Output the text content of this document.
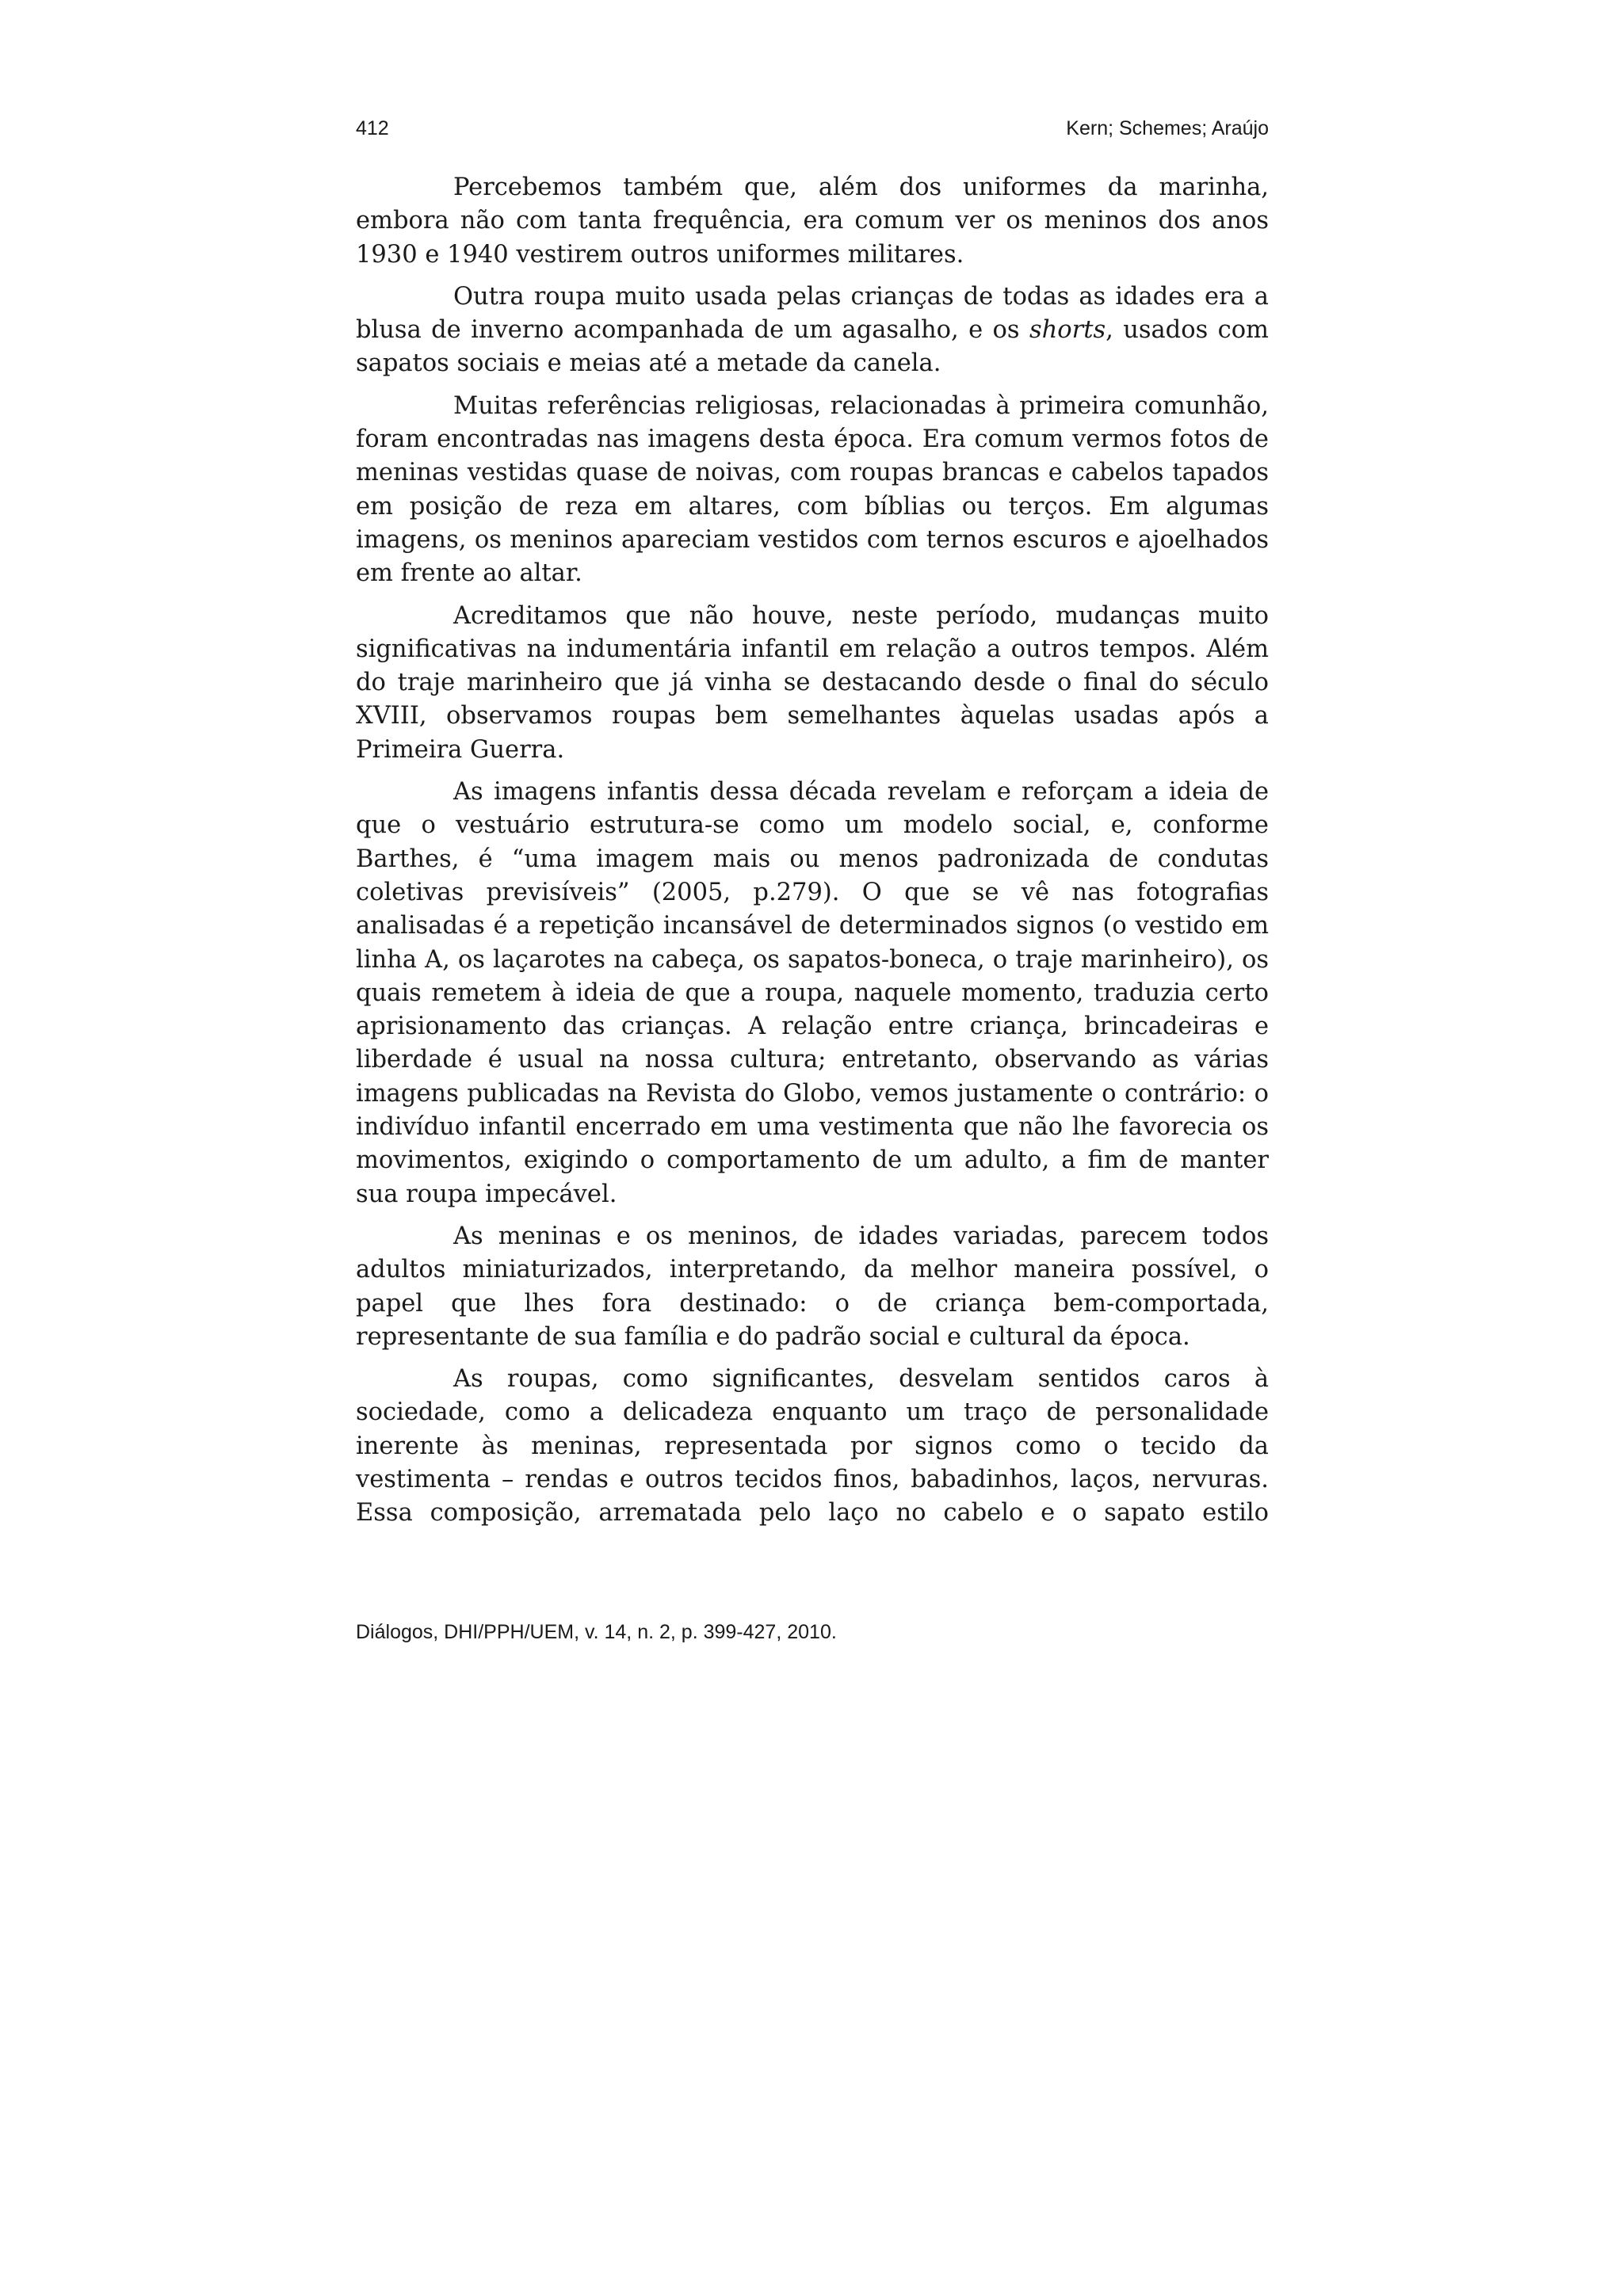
412	Kern; Schemes; Araújo

Percebemos também que, além dos uniformes da marinha, embora não com tanta frequência, era comum ver os meninos dos anos 1930 e 1940 vestirem outros uniformes militares.

Outra roupa muito usada pelas crianças de todas as idades era a blusa de inverno acompanhada de um agasalho, e os shorts, usados com sapatos sociais e meias até a metade da canela.

Muitas referências religiosas, relacionadas à primeira comunhão, foram encontradas nas imagens desta época. Era comum vermos fotos de meninas vestidas quase de noivas, com roupas brancas e cabelos tapados em posição de reza em altares, com bíblias ou terços. Em algumas imagens, os meninos apareciam vestidos com ternos escuros e ajoelhados em frente ao altar.

Acreditamos que não houve, neste período, mudanças muito significativas na indumentária infantil em relação a outros tempos. Além do traje marinheiro que já vinha se destacando desde o final do século XVIII, observamos roupas bem semelhantes àquelas usadas após a Primeira Guerra.

As imagens infantis dessa década revelam e reforçam a ideia de que o vestuário estrutura-se como um modelo social, e, conforme Barthes, é “uma imagem mais ou menos padronizada de condutas coletivas previsíveis” (2005, p.279). O que se vê nas fotografias analisadas é a repetição incansável de determinados signos (o vestido em linha A, os laçarotes na cabeça, os sapatos-boneca, o traje marinheiro), os quais remetem à ideia de que a roupa, naquele momento, traduzia certo aprisionamento das crianças. A relação entre criança, brincadeiras e liberdade é usual na nossa cultura; entretanto, observando as várias imagens publicadas na Revista do Globo, vemos justamente o contrário: o indivíduo infantil encerrado em uma vestimenta que não lhe favorecia os movimentos, exigindo o comportamento de um adulto, a fim de manter sua roupa impecável.

As meninas e os meninos, de idades variadas, parecem todos adultos miniaturizados, interpretando, da melhor maneira possível, o papel que lhes fora destinado: o de criança bem-comportada, representante de sua família e do padrão social e cultural da época.

As roupas, como significantes, desvelam sentidos caros à sociedade, como a delicadeza enquanto um traço de personalidade inerente às meninas, representada por signos como o tecido da vestimenta – rendas e outros tecidos finos, babadinhos, laços, nervuras. Essa composição, arrematada pelo laço no cabelo e o sapato estilo

Diálogos, DHI/PPH/UEM, v. 14, n. 2, p. 399-427, 2010.
